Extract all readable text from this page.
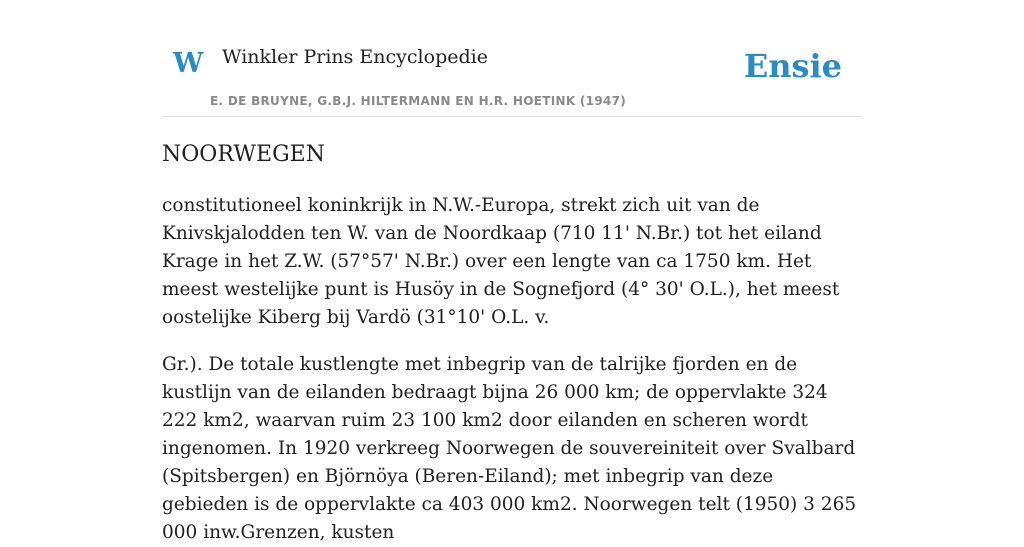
W Winkler Prins Encyclopedie
E. DE BRUYNE, G.B.J. HILTERMANN EN H.R. HOETINK (1947)
Ensie
NOORWEGEN

constitutioneel koninkrijk in N.W.-Europa, strekt zich uit van de Knivskjalodden ten W. van de Noordkaap (710 11' N.Br.) tot het eiland Krage in het Z.W. (57°57' N.Br.) over een lengte van ca 1750 km. Het meest westelijke punt is Husöy in de Sognefjord (4° 30' O.L.), het meest oostelijke Kiberg bij Vardö (31°10' O.L. v.

Gr.). De totale kustlengte met inbegrip van de talrijke fjorden en de kustlijn van de eilanden bedraagt bijna 26 000 km; de oppervlakte 324 222 km2, waarvan ruim 23 100 km2 door eilanden en scheren wordt ingenomen. In 1920 verkreeg Noorwegen de souvereiniteit over Svalbard (Spitsbergen) en Björnöya (Beren-Eiland); met inbegrip van deze gebieden is de oppervlakte ca 403 000 km2. Noorwegen telt (1950) 3 265 000 inw.Grenzen, kusten
